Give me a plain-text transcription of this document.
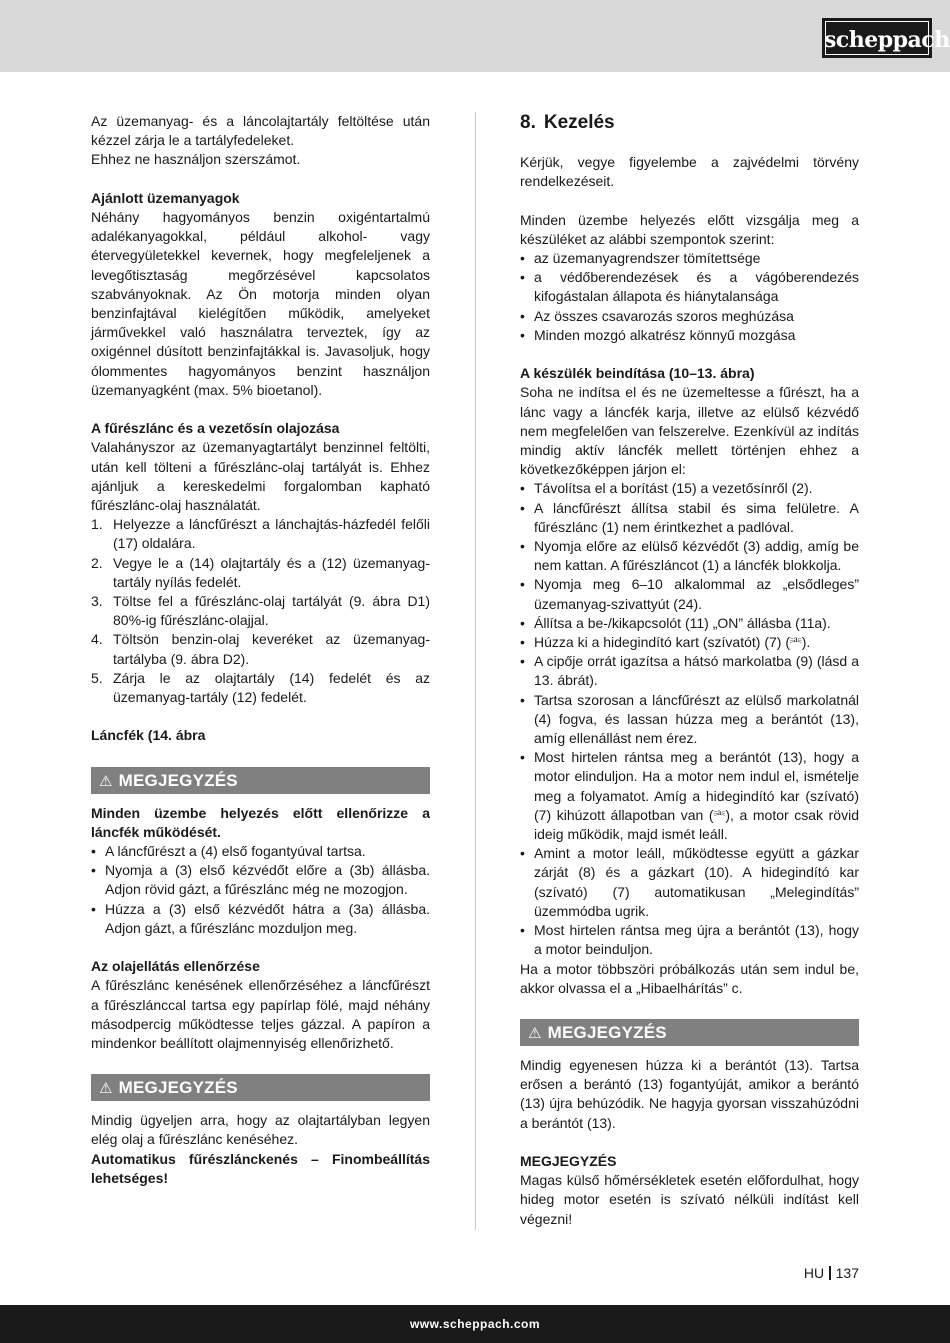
scheppach

Az üzemanyag- és a láncolajtartály feltöltése után kézzel zárja le a tartályfedeleket.

Ehhez ne használjon szerszámot.

Ajánlott üzemanyagok

Néhány hagyományos benzin oxigéntartalmú adalékanyagokkal, például alkohol- vagy étervegyületekkel kevernek, hogy megfeleljenek a levegőtisztaság megőrzésével kapcsolatos szabványoknak. Az Ön motorja minden olyan benzinfajtával kielégítően működik, amelyeket járművekkel való használatra terveztek, így az oxigénnel dúsított benzinfajtákkal is. Javasoljuk, hogy ólommentes hagyományos benzint használjon üzemanyagként (max. 5% bioetanol).

A fűrészlánc és a vezetősín olajozása

Valahányszor az üzemanyagtartályt benzinnel feltölti, után kell tölteni a fűrészlánc-olaj tartályát is. Ehhez ajánljuk a kereskedelmi forgalomban kapható fűrészlánc-olaj használatát.

1. Helyezze a láncfűrészt a lánchajtás-házfedél felőli (17) oldalára.
2. Vegye le a (14) olajtartály és a (12) üzemanyag-tartály nyílás fedelét.
3. Töltse fel a fűrészlánc-olaj tartályát (9. ábra D1) 80%-ig fűrészlánc-olajjal.
4. Töltsön benzin-olaj keveréket az üzemanyag-tartályba (9. ábra D2).
5. Zárja le az olajtartály (14) fedelét és az üzemanyag-tartály (12) fedelét.

Láncfék (14. ábra

⚠ MEGJEGYZÉS

Minden üzembe helyezés előtt ellenőrizze a láncfék működését.

• A láncfűrészt a (4) első fogantyúval tartsa.
• Nyomja a (3) első kézvédőt előre a (3b) állásba. Adjon rövid gázt, a fűrészlánc még ne mozogjon.
• Húzza a (3) első kézvédőt hátra a (3a) állásba. Adjon gázt, a fűrészlánc mozduljon meg.

Az olajellátás ellenőrzése

A fűrészlánc kenésének ellenőrzéséhez a láncfűrészt a fűrészlánccal tartsa egy papírlap fölé, majd néhány másodpercig működtesse teljes gázzal. A papíron a mindenkor beállított olajmennyiség ellenőrizhető.

⚠ MEGJEGYZÉS

Mindig ügyeljen arra, hogy az olajtartályban legyen elég olaj a fűrészlánc kenéséhez.

Automatikus fűrészlánckenés – Finombeállítás lehetséges!

8. Kezelés

Kérjük, vegye figyelembe a zajvédelmi törvény rendelkezéseit.

Minden üzembe helyezés előtt vizsgálja meg a készüléket az alábbi szempontok szerint:

• az üzemanyagrendszer tömítettsége
• a védőberendezések és a vágóberendezés kifogástalan állapota és hiánytalansága
• Az összes csavarozás szoros meghúzása
• Minden mozgó alkatrész könnyű mozgása

A készülék beindítása (10–13. ábra)

Soha ne indítsa el és ne üzemeltesse a fűrészt, ha a lánc vagy a láncfék karja, illetve az elülső kézvédő nem megfelelően van felszerelve. Ezenkívül az indítás mindig aktív láncfék mellett történjen ehhez a következőképpen járjon el:

• Távolítsa el a borítást (15) a vezetősínről (2).
• A láncfűrészt állítsa stabil és sima felületre. A fűrészlánc (1) nem érintkezhet a padlóval.
• Nyomja előre az elülső kézvédőt (3) addig, amíg be nem kattan. A fűrészláncot (1) a láncfék blokkolja.
• Nyomja meg 6–10 alkalommal az „elsődleges” üzemanyag-szivattyút (24).
• Állítsa a be-/kikapcsolót (11) „ON” állásba (11a).
• Húzza ki a hidegindító kart (szívatót) (7) (⎃).
• A cipője orrát igazítsa a hátsó markolatba (9) (lásd a 13. ábrát).
• Tartsa szorosan a láncfűrészt az elülső markolatnál (4) fogva, és lassan húzza meg a berántót (13), amíg ellenállást nem érez.
• Most hirtelen rántsa meg a berántót (13), hogy a motor elinduljon. Ha a motor nem indul el, ismételje meg a folyamatot. Amíg a hidegindító kar (szívató) (7) kihúzott állapotban van (⎃), a motor csak rövid ideig működik, majd ismét leáll.
• Amint a motor leáll, működtesse együtt a gázkar zárját (8) és a gázkart (10). A hidegindító kar (szívató) (7) automatikusan „Melegindítás” üzemmódba ugrik.
• Most hirtelen rántsa meg újra a berántót (13), hogy a motor beinduljon.

Ha a motor többszöri próbálkozás után sem indul be, akkor olvassa el a „Hibaelhárítás” c.

⚠ MEGJEGYZÉS

Mindig egyenesen húzza ki a berántót (13). Tartsa erősen a berántó (13) fogantyúját, amikor a berántó (13) újra behúzódik. Ne hagyja gyorsan visszahúzódni a berántót (13).

MEGJEGYZÉS

Magas külső hőmérsékletek esetén előfordulhat, hogy hideg motor esetén is szívató nélküli indítást kell végezni!

HU 137
www.scheppach.com
